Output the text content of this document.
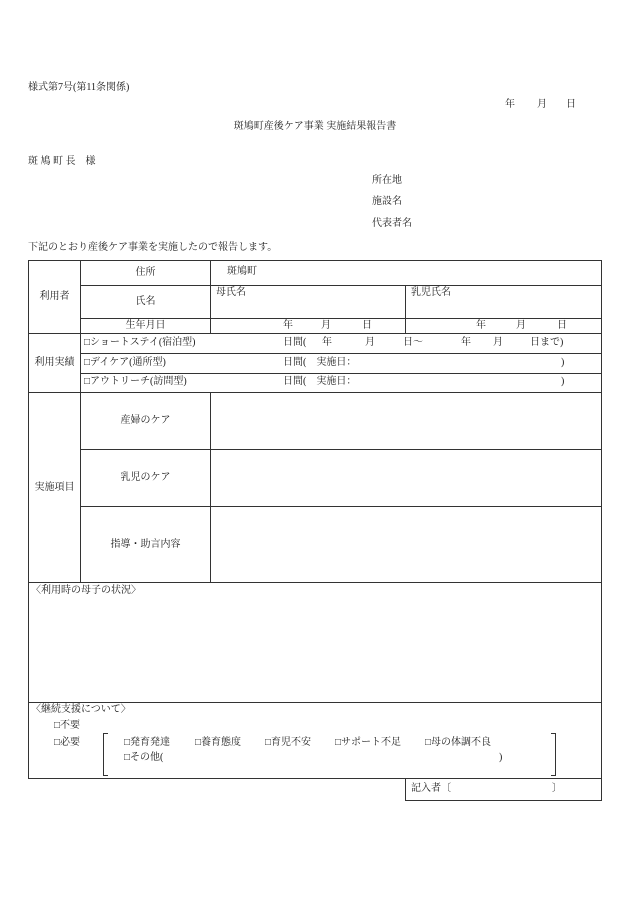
様式第7号(第11条関係)
年 月 日
斑鳩町産後ケア事業 実施結果報告書
斑 鳩 町 長　様
所在地
施設名
代表者名
下記のとおり産後ケア事業を実施したので報告します。
利用者
住所	斑鳩町
氏名
母氏名	乳児氏名
生年月日	年	月	日	年	月	日
利用実績
□ショートステイ(宿泊型)	日間( 年	月	日〜	年 月	日まで)
□デイケア(通所型)	日間(　実施日：	)
□アウトリーチ(訪問型)	日間(　実施日：	)
実施項目
産婦のケア
乳児のケア
指導・助言内容
〈利用時の母子の状況〉
〈継続支援について〉
□不要
□必要	□発育発達 □養育態度 □育児不安 □サポート不足 □母の体調不良
□その他(	)
記入者〔	〕
